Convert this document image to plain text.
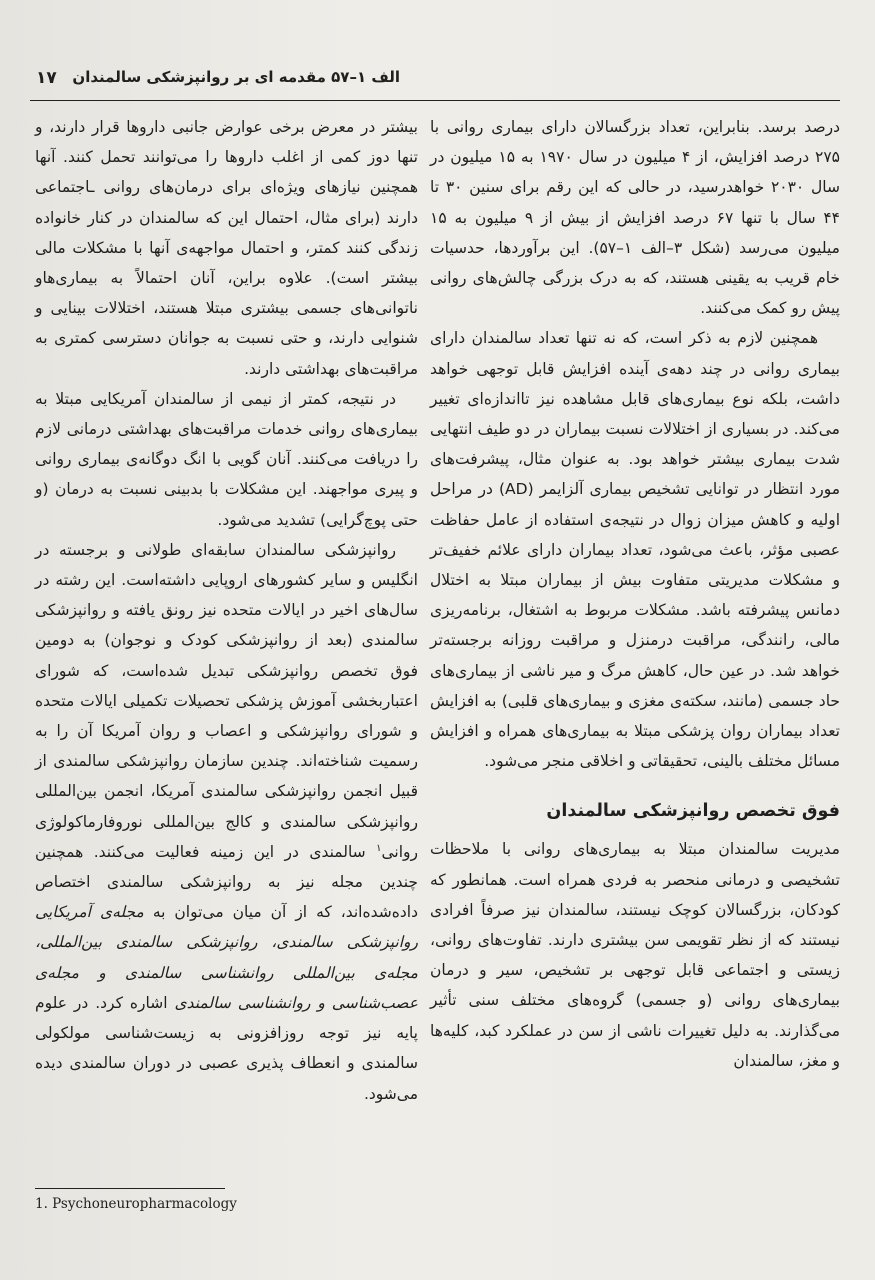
۱۷ الف ۱–۵۷ مقدمه ای بر روانپزشکی سالمندان

درصد برسد. بنابراین، تعداد بزرگسالان دارای بیماری روانی با ۲۷۵ درصد افزایش، از ۴ میلیون در سال ۱۹۷۰ به ۱۵ میلیون در سال ۲۰۳۰ خواهدرسید، در حالی که این رقم برای سنین ۳۰ تا ۴۴ سال با تنها ۶۷ درصد افزایش از بیش از ۹ میلیون به ۱۵ میلیون می‌رسد (شکل ۳–الف ۱–۵۷). این برآوردها، حدسیات خام قریب به یقینی هستند، که به درک بزرگی چالش‌های روانی پیش رو کمک می‌کنند.

همچنین لازم به ذکر است، که نه تنها تعداد سالمندان دارای بیماری روانی در چند دهه‌ی آینده افزایش قابل توجهی خواهد داشت، بلکه نوع بیماری‌های قابل مشاهده نیز تااندازه‌ای تغییر می‌کند. در بسیاری از اختلالات نسبت بیماران در دو طیف انتهایی شدت بیماری بیشتر خواهد بود. به عنوان مثال، پیشرفت‌های مورد انتظار در توانایی تشخیص بیماری آلزایمر (AD) در مراحل اولیه و کاهش میزان زوال در نتیجه‌ی استفاده از عامل حفاظت عصبی مؤثر، باعث می‌شود، تعداد بیماران دارای علائم خفیف‌تر و مشکلات مدیریتی متفاوت بیش از بیماران مبتلا به اختلال دمانس پیشرفته باشد. مشکلات مربوط به اشتغال، برنامه‌ریزی مالی، رانندگی، مراقبت درمنزل و مراقبت روزانه برجسته‌تر خواهد شد. در عین حال، کاهش مرگ و میر ناشی از بیماری‌های حاد جسمی (مانند، سکته‌ی مغزی و بیماری‌های قلبی) به افزایش تعداد بیماران روان پزشکی مبتلا به بیماری‌های همراه و افزایش مسائل مختلف بالینی، تحقیقاتی و اخلاقی منجر می‌شود.

فوق تخصص روانپزشکی سالمندان

مدیریت سالمندان مبتلا به بیماری‌های روانی با ملاحظات تشخیصی و درمانی منحصر به فردی همراه است. همانطور که کودکان، بزرگسالان کوچک نیستند، سالمندان نیز صرفاً افرادی نیستند که از نظر تقویمی سن بیشتری دارند. تفاوت‌های روانی، زیستی و اجتماعی قابل توجهی بر تشخیص، سیر و درمان بیماری‌های روانی (و جسمی) گروه‌های مختلف سنی تأثیر می‌گذارند. به دلیل تغییرات ناشی از سن در عملکرد کبد، کلیه‌ها و مغز، سالمندان

بیشتر در معرض برخی عوارض جانبی داروها قرار دارند، و تنها دوز کمی از اغلب داروها را می‌توانند تحمل کنند. آنها همچنین نیازهای ویژه‌ای برای درمان‌های روانی ـاجتماعی دارند (برای مثال، احتمال این که سالمندان در کنار خانواده زندگی کنند کمتر، و احتمال مواجهه‌ی آنها با مشکلات مالی بیشتر است). علاوه براین، آنان احتمالاً به بیماری‌هاو ناتوانی‌های جسمی بیشتری مبتلا هستند، اختلالات بینایی و شنوایی دارند، و حتی نسبت به جوانان دسترسی کمتری به مراقبت‌های بهداشتی دارند.

در نتیجه، کمتر از نیمی از سالمندان آمریکایی مبتلا به بیماری‌های روانی خدمات مراقبت‌های بهداشتی درمانی لازم را دریافت می‌کنند. آنان گویی با انگ دوگانه‌ی بیماری روانی و پیری مواجهند. این مشکلات با بدبینی نسبت به درمان (و حتی پوچ‌گرایی) تشدید می‌شود.

روانپزشکی سالمندان سابقه‌ای طولانی و برجسته در انگلیس و سایر کشورهای اروپایی داشته‌است. این رشته در سال‌های اخیر در ایالات متحده نیز رونق یافته و روانپزشکی سالمندی (بعد از روانپزشکی کودک و نوجوان) به دومین فوق تخصص روانپزشکی تبدیل شده‌است، که شورای اعتباربخشی آموزش پزشکی تحصیلات تکمیلی ایالات متحده و شورای روانپزشکی و اعصاب و روان آمریکا آن را به رسمیت شناخته‌اند. چندین سازمان روانپزشکی سالمندی از قبیل انجمن روانپزشکی سالمندی آمریکا، انجمن بین‌المللی روانپزشکی سالمندی و کالج بین‌المللی نوروفارماکولوژی روانی$^۱$ سالمندی در این زمینه فعالیت می‌کنند. همچنین چندین مجله نیز به روانپزشکی سالمندی اختصاص داده‌شده‌اند، که از آن میان می‌توان به مجله‌ی آمریکایی روانپزشکی سالمندی، روانپزشکی سالمندی بین‌المللی، مجله‌ی بین‌المللی روانشناسی سالمندی و مجله‌ی عصب‌شناسی و روانشناسی سالمندی اشاره کرد. در علوم پایه نیز توجه روزافزونی به زیست‌شناسی مولکولی سالمندی و انعطاف پذیری عصبی در دوران سالمندی دیده می‌شود.

1. Psychoneuropharmacology
